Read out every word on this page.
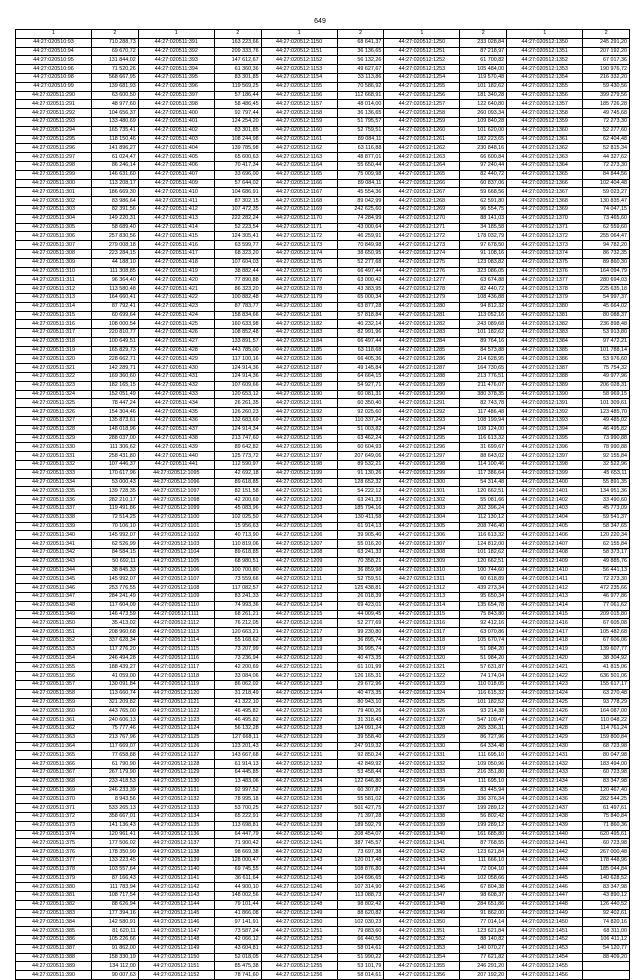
649
1	2	1	2	1	2	1	2	1	2
44:27:020510:93	710 288,73	44:27:020511:391	163 223,66	44:27:020512:1150	68 641,37	44:27:020512:1250	233 028,84	44:27:020512:1350	245 291,20
44:27:020510:94	69 670,72	44:27:020511:392	209 333,76	44:27:020512:1151	36 136,65	44:27:020512:1251	87 218,97	44:27:020512:1351	207 192,20
44:27:020510:95	131 844,02	44:27:020511:393	147 612,67	44:27:020512:1152	56 132,26	44:27:020512:1252	61 700,82	44:27:020512:1352	67 017,36
44:27:020510:96	71 520,26	44:27:020511:394	61 360,36	44:27:020512:1153	49 627,67	44:27:020512:1253	105 484,00	44:27:020512:1353	190 976,72
44:27:020510:98	568 667,95	44:27:020511:395	83 301,85	44:27:020512:1154	33 113,86	44:27:020512:1254	119 570,48	44:27:020512:1354	216 332,20
44:27:020510:99	139 681,93	44:27:020511:396	119 569,25	44:27:020512:1155	70 586,92	44:27:020512:1255	101 182,62	44:27:020512:1355	59 430,56
44:27:020511:290	63 600,50	44:27:020511:397	57 186,44	44:27:020512:1156	112 668,91	44:27:020512:1256	181 340,28	44:27:020512:1356	399 279,56
44:27:020511:291	48 977,60	44:27:020511:398	58 486,45	44:27:020512:1157	48 014,00	44:27:020512:1257	122 640,80	44:27:020512:1357	185 726,28
44:27:020511:292	104 656,37	44:27:020511:400	92 797,44	44:27:020512:1158	36 136,65	44:27:020512:1258	260 093,34	44:27:020512:1358	49 745,68
44:27:020511:293	133 480,69	44:27:020511:401	124 254,20	44:27:020512:1159	51 795,57	44:27:020512:1259	109 840,28	44:27:020512:1359	72 273,30
44:27:020511:294	165 735,41	44:27:020511:402	83 301,85	44:27:020512:1160	52 759,51	44:27:020512:1260	101 620,00	44:27:020512:1360	52 277,60
44:27:020511:295	118 150,46	44:27:020511:403	108 244,98	44:27:020512:1161	89 084,11	44:27:020512:1261	182 223,65	44:27:020512:1361	62 404,48
44:27:020511:296	141 896,27	44:27:020511:404	139 785,98	44:27:020512:1162	63 116,88	44:27:020512:1262	230 848,16	44:27:020512:1362	52 815,34
44:27:020511:297	61 024,47	44:27:020511:405	65 600,63	44:27:020512:1163	48 877,01	44:27:020512:1263	66 600,84	44:27:020512:1363	44 327,62
44:27:020511:298	86 246,14	44:27:020511:406	70 417,34	44:27:020512:1164	55 650,44	44:27:020512:1264	97 240,44	44:27:020512:1364	72 273,30
44:27:020511:299	146 631,60	44:27:020511:407	33 696,00	44:27:020512:1165	75 009,98	44:27:020512:1265	82 440,72	44:27:020512:1365	84 844,56
44:27:020511:300	113 208,17	44:27:020511:409	57 644,02	44:27:020512:1166	89 084,11	44:27:020512:1266	60 837,06	44:27:020512:1366	102 404,48
44:27:020511:301	186 669,30	44:27:020511:410	104 686,91	44:27:020512:1167	45 554,36	44:27:020512:1267	59 668,56	44:27:020512:1367	59 023,27
44:27:020511:302	83 986,64	44:27:020511:411	87 302,15	44:27:020512:1168	89 042,99	44:27:020512:1268	62 591,80	44:27:020512:1368	130 835,47
44:27:020511:303	82 391,56	44:27:020511:412	107 472,35	44:27:020512:1169	242 625,60	44:27:020512:1269	96 554,75	44:27:020512:1369	74 047,15
44:27:020511:304	149 220,31	44:27:020511:413	222 282,24	44:27:020512:1170	74 284,99	44:27:020512:1270	88 141,03	44:27:020512:1370	73 465,60
44:27:020511:305	58 689,40	44:27:020511:414	52 223,54	44:27:020512:1171	43 000,64	44:27:020512:1271	34 185,58	44:27:020512:1371	62 559,60
44:27:020511:306	257 830,56	44:27:020511:415	124 305,41	44:27:020512:1172	46 259,91	44:27:020512:1272	178 032,79	44:27:020512:1372	255 064,47
44:27:020511:307	279 008,18	44:27:020511:416	63 599,77	44:27:020512:1173	70 849,98	44:27:020512:1273	97 678,50	44:27:020512:1373	94 782,20
44:27:020511:308	223 284,15	44:27:020511:417	68 323,20	44:27:020512:1174	38 650,95	44:27:020512:1274	91 108,16	44:27:020512:1374	86 732,35
44:27:020511:309	44 188,10	44:27:020511:418	107 604,03	44:27:020512:1175	52 277,68	44:27:020512:1275	123 083,82	44:27:020512:1375	89 860,30
44:27:020511:310	111 308,85	44:27:020511:419	38 882,44	44:27:020512:1176	66 497,44	44:27:020512:1276	323 086,05	44:27:020512:1376	164 094,79
44:27:020511:311	96 364,40	44:27:020511:420	77 890,88	44:27:020512:1177	63 000,42	44:27:020512:1277	63 674,88	44:27:020512:1377	280 694,03
44:27:020511:312	113 580,48	44:27:020511:421	86 323,20	44:27:020512:1178	43 383,95	44:27:020512:1278	82 440,72	44:27:020512:1378	225 635,18
44:27:020511:313	164 660,41	44:27:020511:422	100 882,48	44:27:020512:1179	65 000,34	44:27:020512:1279	108 436,88	44:27:020512:1379	54 997,37
44:27:020511:314	87 792,41	44:27:020511:423	87 783,77	44:27:020512:1180	63 877,28	44:27:020512:1280	94 812,32	44:27:020512:1380	45 664,02
44:27:020511:315	60 699,64	44:27:020511:424	158 834,66	44:27:020512:1181	57 818,84	44:27:020512:1281	113 052,16	44:27:020512:1381	80 088,37
44:27:020511:316	108 000,54	44:27:020511:425	160 633,98	44:27:020512:1182	40 232,14	44:27:020512:1282	243 089,68	44:27:020512:1382	236 898,48
44:27:020511:317	220 810,77	44:27:020511:426	108 852,48	44:27:020512:1183	82 991,96	44:27:020512:1283	101 182,62	44:27:020512:1383	53 913,80
44:27:020511:318	100 649,51	44:27:020511:427	133 891,57	44:27:020512:1184	66 497,44	44:27:020512:1284	89 764,16	44:27:020512:1384	97 472,21
44:27:020511:319	165 829,73	44:27:020511:428	443 785,00	44:27:020512:1185	63 118,68	44:27:020512:1285	84 573,88	44:27:020512:1385	101 788,14
44:27:020511:320	228 662,71	44:27:020511:429	117 100,16	44:27:020512:1186	66 405,36	44:27:020512:1286	214 628,95	44:27:020512:1386	53 976,60
44:27:020511:321	142 289,71	44:27:020511:430	124 914,36	44:27:020512:1187	49 145,84	44:27:020512:1287	164 730,65	44:27:020512:1387	75 754,32
44:27:020511:322	169 360,60	44:27:020511:431	124 914,36	44:27:020512:1188	64 664,15	44:27:020512:1288	213 776,51	44:27:020512:1388	49 977,96
44:27:020511:323	182 165,15	44:27:020511:432	107 609,66	44:27:020512:1189	54 927,71	44:27:020512:1289	211 476,07	44:27:020512:1389	206 028,31
44:27:020511:324	152 051,49	44:27:020511:433	120 653,12	44:27:020512:1190	60 081,31	44:27:020512:1290	380 378,35	44:27:020512:1390	58 969,15
44:27:020511:325	78 447,24	44:27:020511:434	26 261,35	44:27:020512:1191	60 350,40	44:27:020512:1291	82 743,78	44:27:020512:1391	101 309,61
44:27:020511:326	154 304,46	44:27:020511:435	126 260,23	44:27:020512:1192	92 025,60	44:27:020512:1292	117 486,48	44:27:020512:1392	123 485,70
44:27:020511:327	135 873,61	44:27:020511:436	132 683,69	44:27:020512:1193	110 337,24	44:27:020512:1293	108 199,94	44:27:020512:1393	49 485,02
44:27:020511:328	148 018,96	44:27:020511:437	124 914,34	44:27:020512:1194	51 003,82	44:27:020512:1294	108 124,00	44:27:020512:1394	46 495,82
44:27:020511:329	288 037,00	44:27:020511:438	213 747,60	44:27:020512:1195	63 462,24	44:27:020512:1295	116 613,32	44:27:020512:1395	73 990,88
44:27:020511:330	111 306,62	44:27:020511:439	89 642,82	44:27:020512:1196	60 604,93	44:27:020512:1296	31 699,67	44:27:020512:1396	78 990,88
44:27:020511:331	258 431,80	44:27:020511:440	125 773,72	44:27:020512:1197	207 649,06	44:27:020512:1297	88 643,02	44:27:020512:1397	92 155,84
44:27:020511:332	107 446,37	44:27:020511:441	112 590,97	44:27:020512:1198	89 532,21	44:27:020512:1298	114 100,46	44:27:020512:1398	32 522,96
44:27:020511:333	170 617,96	44:27:020512:1095	42 692,18	44:27:020512:1199	91 130,26	44:27:020512:1299	117 386,64	44:27:020512:1399	45 653,11
44:27:020511:334	53 000,43	44:27:020512:1096	89 618,85	44:27:020512:1200	128 652,32	44:27:020512:1300	54 314,48	44:27:020512:1400	55 891,35
44:27:020511:335	139 728,35	44:27:020512:1097	82 151,58	44:27:020512:1201	54 222,12	44:27:020512:1301	120 662,51	44:27:020512:1401	134 951,36
44:27:020511:336	282 210,17	44:27:020512:1098	42 200,69	44:27:020512:1202	63 241,33	44:27:020512:1302	55 081,66	44:27:020512:1402	33 490,60
44:27:020511:337	119 491,86	44:27:020512:1099	45 083,96	44:27:020512:1203	185 794,16	44:27:020512:1303	202 396,24	44:27:020512:1403	45 773,09
44:27:020511:338	72 514,25	44:27:020512:1100	102 025,50	44:27:020512:1204	130 411,58	44:27:020512:1304	112 130,12	44:27:020512:1404	59 541,37
44:27:020511:339	70 106,10	44:27:020512:1101	15 956,63	44:27:020512:1205	61 914,13	44:27:020512:1305	208 746,40	44:27:020512:1405	58 347,65
44:27:020511:340	145 992,07	44:27:020512:1102	40 713,90	44:27:020512:1206	39 905,40	44:27:020512:1306	116 613,32	44:27:020512:1406	120 220,34
44:27:020511:341	62 526,99	44:27:020512:1103	110 819,06	44:27:020512:1207	55 016,20	44:27:020512:1307	124 812,00	44:27:020512:1407	62 155,84
44:27:020511:342	84 584,15	44:27:020512:1104	89 618,85	44:27:020512:1208	63 241,33	44:27:020512:1308	101 182,62	44:27:020512:1408	58 373,17
44:27:020511:343	50 692,11	44:27:020512:1105	68 980,51	44:27:020512:1209	70 358,21	44:27:020512:1309	120 662,51	44:27:020512:1409	49 885,76
44:27:020511:344	38 845,33	44:27:020512:1106	100 700,80	44:27:020512:1210	36 859,98	44:27:020512:1310	100 744,60	44:27:020512:1410	56 441,13
44:27:020511:345	145 992,07	44:27:020512:1107	73 559,66	44:27:020512:1211	52 759,51	44:27:020512:1311	60 618,89	44:27:020512:1411	72 273,30
44:27:020511:346	253 776,55	44:27:020512:1108	117 082,57	44:27:020512:1212	125 438,81	44:27:020512:1312	439 273,34	44:27:020512:1412	472 235,66
44:27:020511:347	284 241,49	44:27:020512:1109	83 241,33	44:27:020512:1213	26 018,39	44:27:020512:1313	95 650,34	44:27:020512:1413	46 977,86
44:27:020511:348	117 604,09	44:27:020512:1110	74 993,36	44:27:020512:1214	69 423,01	44:27:020512:1314	135 654,78	44:27:020512:1414	77 061,62
44:27:020511:349	146 473,59	44:27:020512:1111	68 261,21	44:27:020512:1215	44 009,45	44:27:020512:1315	75 843,80	44:27:020512:1415	209 015,80
44:27:020511:350	35 413,02	44:27:020512:1112	76 212,05	44:27:020512:1216	52 277,69	44:27:020512:1316	92 412,16	44:27:020512:1416	67 605,08
44:27:020511:351	208 960,68	44:27:020512:1113	120 663,21	44:27:020512:1217	99 230,80	44:27:020512:1317	63 070,86	44:27:020512:1417	105 482,68
44:27:020511:352	337 628,34	44:27:020512:1114	55 168,62	44:27:020512:1218	36 895,74	44:27:020512:1318	105 670,74	44:27:020512:1418	67 606,06
44:27:020511:353	117 276,20	44:27:020512:1115	73 207,99	44:27:020512:1219	36 995,74	44:27:020512:1319	51 984,20	44:27:020512:1419	139 607,77
44:27:020511:354	246 494,28	44:27:020512:1116	73 236,94	44:27:020512:1220	40 473,35	44:27:020512:1320	51 984,20	44:27:020512:1420	38 304,92
44:27:020511:355	188 439,27	44:27:020512:1117	42 200,69	44:27:020512:1221	61 101,99	44:27:020512:1321	57 631,87	44:27:020512:1421	41 815,06
44:27:020511:356	41 059,00	44:27:020512:1118	33 084,06	44:27:020512:1222	126 165,31	44:27:020512:1322	74 174,04	44:27:020512:1422	636 501,06
44:27:020511:357	130 091,84	44:27:020512:1119	86 062,02	44:27:020512:1223	29 672,96	44:27:020512:1323	110 018,05	44:27:020512:1423	155 617,17
44:27:020511:358	113 660,74	44:27:020512:1120	31 218,49	44:27:020512:1224	40 473,35	44:27:020512:1324	116 615,32	44:27:020512:1424	63 270,48
44:27:020511:359	321 209,82	44:27:020512:1121	41 322,10	44:27:020512:1225	80 943,10	44:27:020512:1325	101 182,52	44:27:020512:1425	93 778,29
44:27:020511:360	443 765,00	44:27:020512:1122	46 495,82	44:27:020512:1226	79 400,26	44:27:020512:1326	93 214,38	44:27:020512:1426	164 087,00
44:27:020511:361	240 606,13	44:27:020512:1123	46 495,82	44:27:020512:1227	31 318,43	44:27:020512:1327	547 109,47	44:27:020512:1427	110 048,22
44:27:020511:362	75 777,46	44:27:020512:1124	56 132,28	44:27:020512:1228	124 091,24	44:27:020512:1328	265 336,31	44:27:020512:1428	114 761,24
44:27:020511:363	213 767,96	44:27:020512:1125	127 668,11	44:27:020512:1229	39 558,40	44:27:020512:1329	86 727,96	44:27:020512:1429	159 800,84
44:27:020511:364	117 669,07	44:27:020512:1126	123 201,43	44:27:020512:1230	247 919,32	44:27:020512:1330	64 334,48	44:27:020512:1430	68 723,98
44:27:020511:365	77 658,88	44:27:020512:1127	143 667,68	44:27:020512:1231	92 850,24	44:27:020512:1331	111 695,10	44:27:020512:1431	80 047,98
44:27:020511:366	61 790,90	44:27:020512:1128	61 914,13	44:27:020512:1232	42 849,92	44:27:020512:1332	109 050,96	44:27:020512:1432	183 494,00
44:27:020511:367	267 179,90	44:27:020512:1129	64 445,85	44:27:020512:1233	53 458,44	44:27:020512:1333	216 351,80	44:27:020512:1433	60 723,98
44:27:020511:368	233 418,53	44:27:020512:1130	13 483,06	44:27:020512:1234	122 646,80	44:27:020512:1334	111 695,10	44:27:020512:1434	83 347,98
44:27:020511:369	246 233,39	44:27:020512:1131	92 997,52	44:27:020512:1235	60 307,87	44:27:020512:1335	83 445,94	44:27:020512:1435	120 467,40
44:27:020511:370	8 943,56	44:27:020512:1132	78 995,18	44:27:020512:1236	55 581,02	44:27:020512:1336	336 376,34	44:27:020512:1436	282 544,25
44:27:020511:371	533 265,13	44:27:020512:1133	53 700,25	44:27:020512:1237	501 427,75	44:27:020512:1337	199 289,12	44:27:020512:1437	61 497,61
44:27:020511:372	358 667,01	44:27:020512:1134	65 222,91	44:27:020512:1238	71 397,28	44:27:020512:1338	56 802,42	44:27:020512:1438	75 840,84
44:27:020511:373	141 136,43	44:27:020512:1135	113 698,81	44:27:020512:1239	189 592,79	44:27:020512:1339	199 289,12	44:27:020512:1439	71 860,36
44:27:020511:374	120 961,41	44:27:020512:1136	64 447,79	44:27:020512:1240	208 454,07	44:27:020512:1340	161 685,80	44:27:020512:1440	620 495,61
44:27:020511:375	177 506,02	44:27:020512:1137	71 900,42	44:27:020512:1241	387 745,57	44:27:020512:1341	87 768,55	44:27:020512:1441	60 723,98
44:27:020511:376	178 350,99	44:27:020512:1138	98 669,38	44:27:020512:1242	73 697,38	44:27:020512:1342	123 621,84	44:27:020512:1442	267 000,48
44:27:020511:377	133 223,45	44:27:020512:1139	128 000,47	44:27:020512:1243	120 017,48	44:27:020512:1343	111 666,10	44:27:020512:1443	178 448,96
44:27:020511:378	103 557,64	44:27:020512:1140	69 745,55	44:27:020512:1244	108 876,80	44:27:020512:1344	72 004,10	44:27:020512:1444	185 044,84
44:27:020511:379	87 166,43	44:27:020512:1141	36 611,64	44:27:020512:1245	104 696,65	44:27:020512:1345	102 058,66	44:27:020512:1445	140 628,52
44:27:020511:380	111 783,94	44:27:020512:1142	44 900,10	44:27:020512:1246	107 314,90	44:27:020512:1346	67 804,38	44:27:020512:1446	83 347,98
44:27:020511:381	108 717,54	44:27:020512:1143	148 002,56	44:27:020512:1247	113 088,73	44:27:020512:1347	98 608,37	44:27:020512:1447	43 890,12
44:27:020511:382	88 626,94	44:27:020512:1144	79 101,44	44:27:020512:1248	98 802,42	44:27:020512:1348	284 651,86	44:27:020512:1448	126 440,52
44:27:020511:383	177 394,16	44:27:020512:1145	41 866,08	44:27:020512:1249	88 620,82	44:27:020512:1349	91 862,00	44:27:020512:1449	92 402,61
44:27:020511:384	142 580,91	44:27:020512:1146	97 141,91	44:27:020512:1250	102 030,23	44:27:020512:1350	77 014,14	44:27:020512:1450	74 820,16
44:27:020511:385	81 620,11	44:27:020512:1147	73 587,24	44:27:020512:1251	79 883,60	44:27:020512:1351	123 621,84	44:27:020512:1451	68 311,00
44:27:020511:386	105 226,66	44:27:020512:1148	42 066,12	44:27:020512:1252	66 440,50	44:27:020512:1352	88 140,82	44:27:020512:1452	106 411,12
44:27:020511:387	91 862,00	44:27:020512:1149	43 604,81	44:27:020512:1253	58 014,61	44:27:020512:1353	140 070,27	44:27:020512:1453	54 120,77
44:27:020511:388	158 330,19	44:27:020512:1150	52 018,05	44:27:020512:1254	51 990,22	44:27:020512:1354	77 621,82	44:27:020512:1454	88 409,20
44:27:020511:389	134 112,00	44:27:020512:1151	85 475,38	44:27:020512:1255	53 101,79	44:27:020512:1355	246 291,20	44:27:020512:1455	
44:27:020511:390	90 007,63	44:27:020512:1152	78 741,60	44:27:020512:1256	58 014,61	44:27:020512:1356	207 192,20	44:27:020512:1456	
